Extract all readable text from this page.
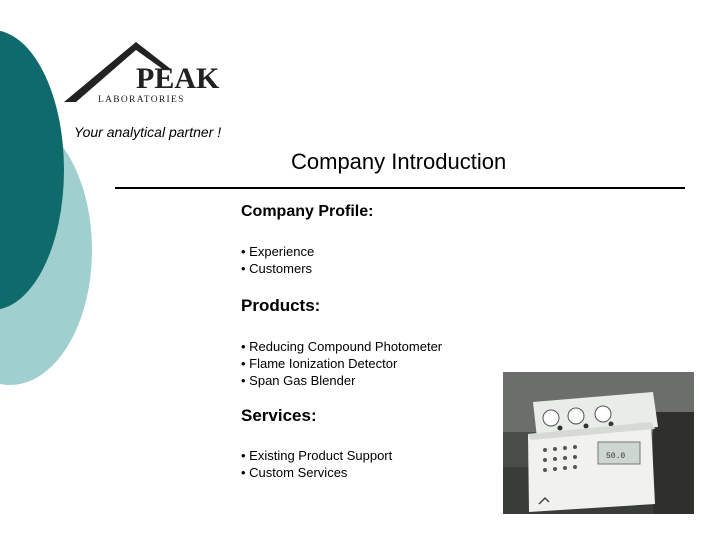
PEAK
LABORATORIES
Your analytical partner !
Company Introduction
Company Profile:
• Experience
• Customers
Products:
• Reducing Compound Photometer
• Flame Ionization Detector
• Span Gas Blender
Services:
• Existing Product Support
• Custom Services
50.0
